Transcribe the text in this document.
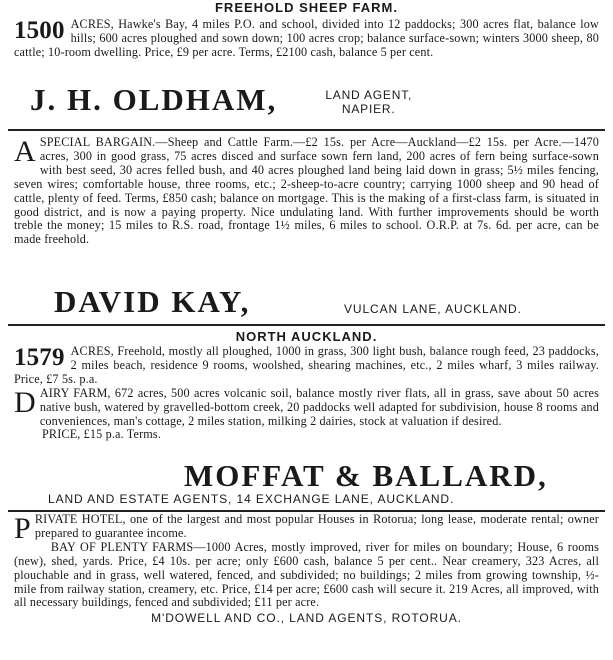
FREEHOLD SHEEP FARM.

1500 ACRES, Hawke's Bay, 4 miles P.O. and school, divided into 12 paddocks; 300 acres flat, balance low hills; 600 acres ploughed and sown down; 100 acres crop; balance surface-sown; winters 3000 sheep, 80 cattle; 10-room dwelling. Price, £9 per acre. Terms, £2100 cash, balance 5 per cent.

J. H. OLDHAM,	LAND AGENT,
NAPIER.

ASPECIAL BARGAIN.—Sheep and Cattle Farm.—£2 15s. per Acre—Auckland—£2 15s. per Acre.—1470 acres, 300 in good grass, 75 acres disced and surface sown fern land, 200 acres of fern being surface-sown with best seed, 30 acres felled bush, and 40 acres ploughed land being laid down in grass; 5½ miles fencing, seven wires; comfortable house, three rooms, etc.; 2-sheep-to-acre country; carrying 1000 sheep and 90 head of cattle, plenty of feed. Terms, £850 cash; balance on mortgage. This is the making of a first-class farm, is situated in good district, and is now a paying property. Nice undulating land. With further improvements should be worth treble the money; 15 miles to R.S. road, frontage 1½ miles, 6 miles to school. O.R.P. at 7s. 6d. per acre, can be made freehold.

DAVID KAY,	VULCAN LANE, AUCKLAND.
NORTH AUCKLAND.

1579 ACRES, Freehold, mostly all ploughed, 1000 in grass, 300 light bush, balance rough feed, 23 paddocks, 2 miles beach, residence 9 rooms, woolshed, shearing machines, etc., 2 miles wharf, 3 miles railway. Price, £7 5s. p.a.

DAIRY FARM, 672 acres, 500 acres volcanic soil, balance mostly river flats, all in grass, save about 50 acres native bush, watered by gravelled-bottom creek, 20 paddocks well adapted for subdivision, house 8 rooms and conveniences, man's cottage, 2 miles station, milking 2 dairies, stock at valuation if desired.

PRICE, £15 p.a. Terms.
MOFFAT & BALLARD,
LAND AND ESTATE AGENTS, 14 EXCHANGE LANE, AUCKLAND.

PRIVATE HOTEL, one of the largest and most popular Houses in Rotorua; long lease, moderate rental; owner prepared to guarantee income.

BAY OF PLENTY FARMS—1000 Acres, mostly improved, river for miles on boundary; House, 6 rooms (new), shed, yards. Price, £4 10s. per acre; only £600 cash, balance 5 per cent.. Near creamery, 323 Acres, all plouchable and in grass, well watered, fenced, and subdivided; no buildings; 2 miles from growing township, ½-mile from railway station, creamery, etc. Price, £14 per acre; £600 cash will secure it. 219 Acres, all improved, with all necessary buildings, fenced and subdivided; £11 per acre.

M'DOWELL AND CO., LAND AGENTS, ROTORUA.
